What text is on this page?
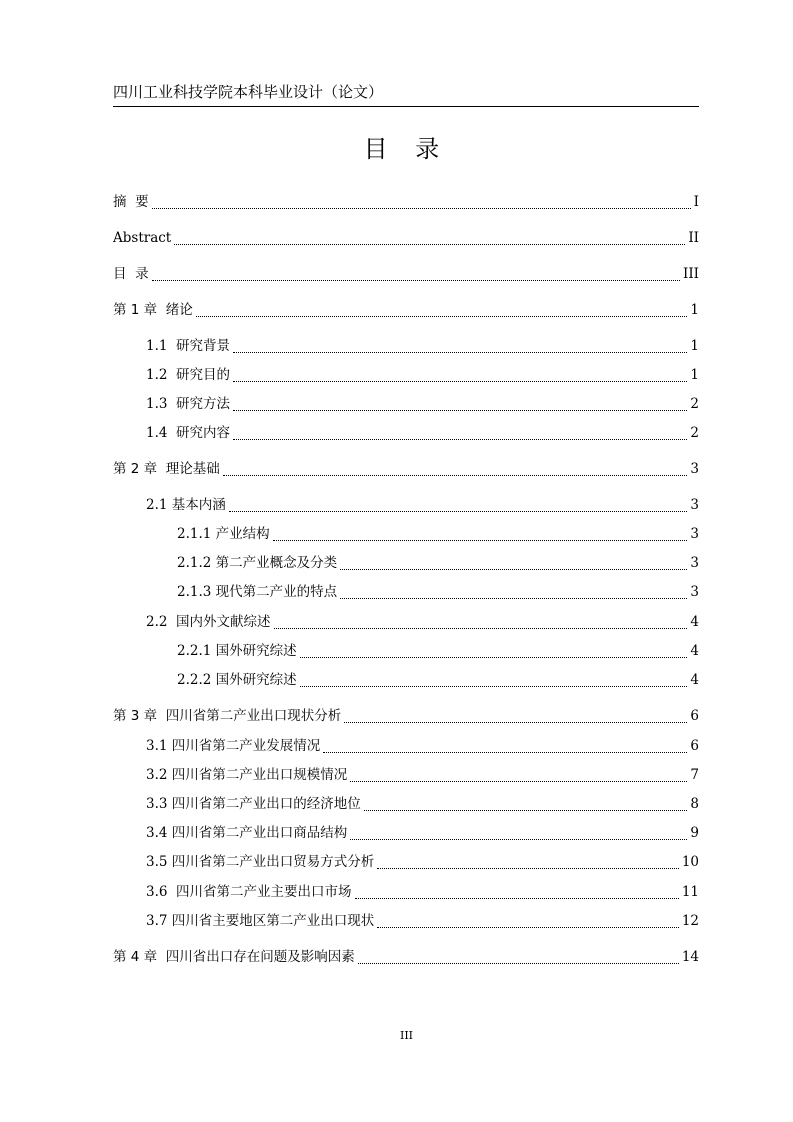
四川工业科技学院本科毕业设计（论文）
目 录
摘  要	I
Abstract	II
目  录	III
第 1 章  绪论	1
1.1  研究背景	1
1.2  研究目的	1
1.3  研究方法	2
1.4  研究内容	2
第 2 章  理论基础	3
2.1 基本内涵	3
2.1.1 产业结构	3
2.1.2 第二产业概念及分类	3
2.1.3 现代第二产业的特点	3
2.2  国内外文献综述	4
2.2.1 国外研究综述	4
2.2.2 国外研究综述	4
第 3 章  四川省第二产业出口现状分析	6
3.1 四川省第二产业发展情况	6
3.2 四川省第二产业出口规模情况	7
3.3 四川省第二产业出口的经济地位	8
3.4 四川省第二产业出口商品结构	9
3.5 四川省第二产业出口贸易方式分析	10
3.6  四川省第二产业主要出口市场	11
3.7 四川省主要地区第二产业出口现状	12
第 4 章  四川省出口存在问题及影响因素	14
III
